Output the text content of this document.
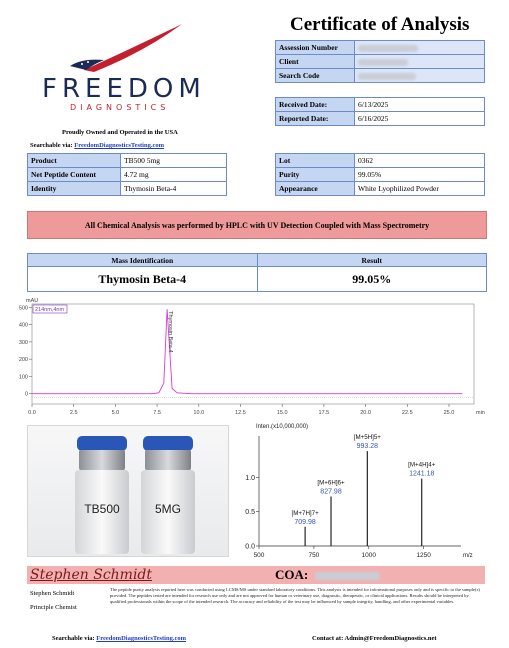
FREEDOM
DIAGNOSTICS
Proudly Owned and Operated in the USA
Searchable via: FreedomDiagnosticsTesting.com
Certificate of Analysis
Assession Number	
Client	
Search Code	
Received Date:	6/13/2025
Reported Date:	6/16/2025
Product	TB500 5mg
Net Peptide Content	4.72 mg
Identity	Thymosin Beta-4
Lot	0362
Purity	99.05%
Appearance	White Lyophilized Powder
All Chemical Analysis was performed by HPLC with UV Detection Coupled with Mass Spectrometry
Mass Identification	Result
Thymosin Beta-4	99.05%
mAU
500
400
300
200
100
0
0.0	2.5	5.0	7.5	10.0	12.5	15.0	17.5	20.0	22.5	25.0	min
214nm,4nm
Thymosin Beta-4
TB500	5MG
Inten.(x10,000,000)
1.0
0.5
0.0
500	750	1000	1250	m/z
[M+7H]7+
709.98
[M+6H]6+
827.98
[M+5H]5+
993.28
[M+4H]4+
1241.18
Stephen Schmidt	COA:
Stephen Schmidt
Principle Chemist
The peptide purity analysis reported here was conducted using LCMS/MS under standard laboratory conditions. This analysis is intended for informational purposes only and is specific to the sample(s) provided. The peptides tested are intended for research use only and are not approved for human or veterinary use, diagnostic, therapeutic, or clinical applications. Results should be interpreted by qualified professionals within the scope of the intended research. The accuracy and reliability of the test may be influenced by sample integrity, handling, and other experimental variables.
Searchable via: FreedomDiagnosticsTesting.com	Contact at: Admin@FreedomDiagnostics.net
